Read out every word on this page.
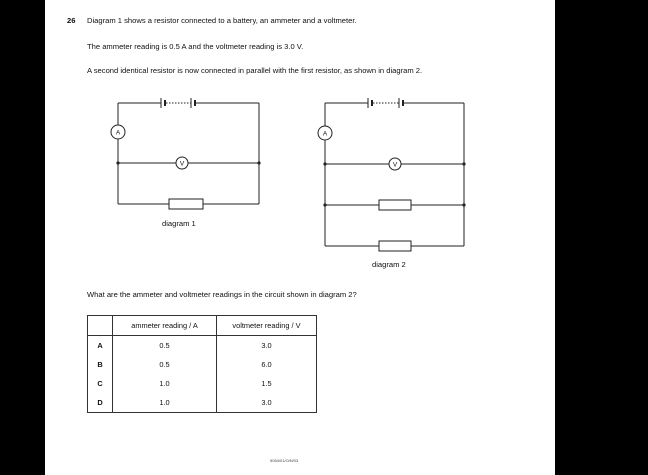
26 Diagram 1 shows a resistor connected to a battery, an ammeter and a voltmeter.
The ammeter reading is 0.5 A and the voltmeter reading is 3.0 V.
A second identical resistor is now connected in parallel with the first resistor, as shown in diagram 2.
A
V
A
V
diagram 1
diagram 2
What are the ammeter and voltmeter readings in the circuit shown in diagram 2?
	ammeter reading / A	voltmeter reading / V
A	0.5	3.0
B	0.5	6.0
C	1.0	1.5
D	1.0	3.0
5054/01/O/N/03
